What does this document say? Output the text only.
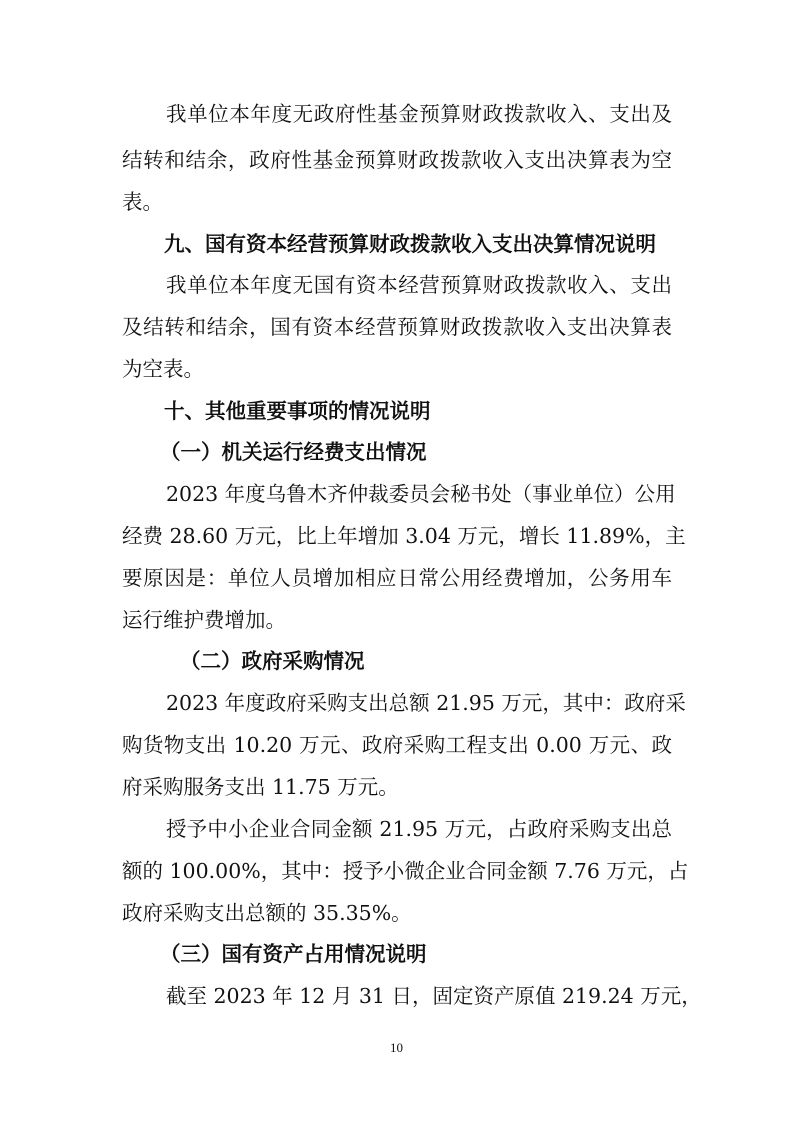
我单位本年度无政府性基金预算财政拨款收入、支出及
结转和结余，政府性基金预算财政拨款收入支出决算表为空
表。
九、国有资本经营预算财政拨款收入支出决算情况说明
我单位本年度无国有资本经营预算财政拨款收入、支出
及结转和结余，国有资本经营预算财政拨款收入支出决算表
为空表。
十、其他重要事项的情况说明
（一）机关运行经费支出情况
2023 年度乌鲁木齐仲裁委员会秘书处（事业单位）公用
经费 28.60 万元，比上年增加 3.04 万元，增长 11.89%，主
要原因是：单位人员增加相应日常公用经费增加，公务用车
运行维护费增加。
（二）政府采购情况
2023 年度政府采购支出总额 21.95 万元，其中：政府采
购货物支出 10.20 万元、政府采购工程支出 0.00 万元、政
府采购服务支出 11.75 万元。
授予中小企业合同金额 21.95 万元，占政府采购支出总
额的 100.00%，其中：授予小微企业合同金额 7.76 万元，占
政府采购支出总额的 35.35%。
（三）国有资产占用情况说明
截至 2023 年 12 月 31 日，固定资产原值 219.24 万元，
10
